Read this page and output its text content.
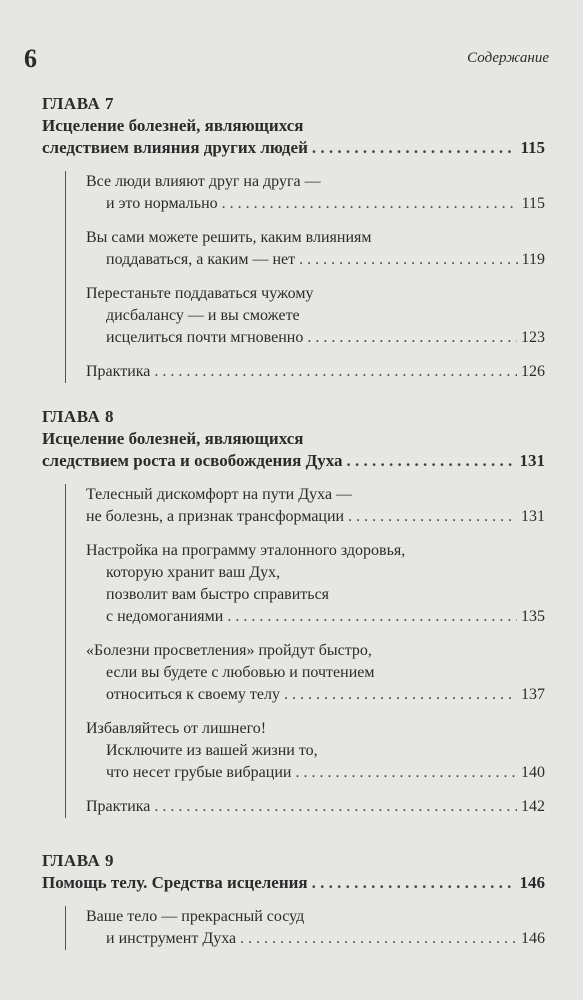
6	Содержание
ГЛАВА 7
Исцеление болезней, являющихся
следствием влияния других людей . . .	115
Все люди влияют друг на друга —
и это нормально . . .	115
Вы сами можете решить, каким влияниям
поддаваться, а каким — нет . . .	119
Перестаньте поддаваться чужому
дисбалансу — и вы сможете
исцелиться почти мгновенно . . .	123
Практика . . .	126
ГЛАВА 8
Исцеление болезней, являющихся
следствием роста и освобождения Духа . . .	131
Телесный дискомфорт на пути Духа —
не болезнь, а признак трансформации . . .	131
Настройка на программу эталонного здоровья,
которую хранит ваш Дух,
позволит вам быстро справиться
с недомоганиями . . .	135
«Болезни просветления» пройдут быстро,
если вы будете с любовью и почтением
относиться к своему телу . . .	137
Избавляйтесь от лишнего!
Исключите из вашей жизни то,
что несет грубые вибрации . . .	140
Практика . . .	142
ГЛАВА 9
Помощь телу. Средства исцеления . . .	146
Ваше тело — прекрасный сосуд
и инструмент Духа . . .	146
